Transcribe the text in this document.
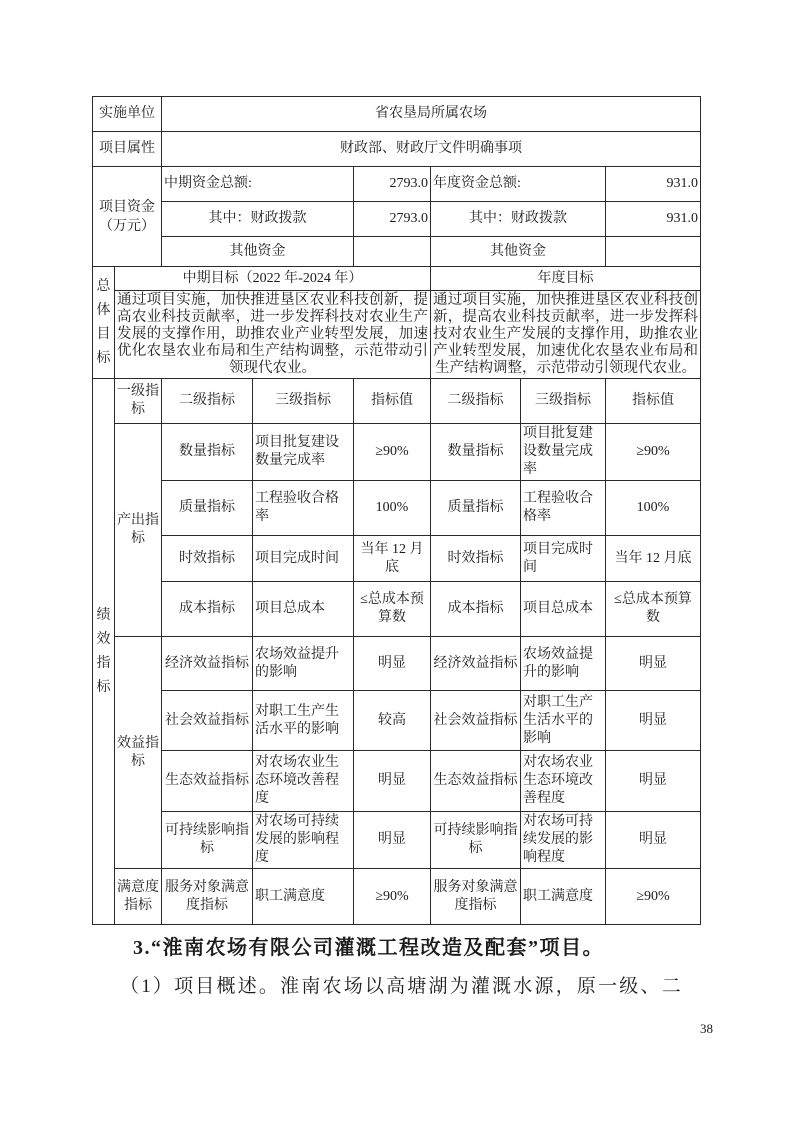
实施单位		省农垦局所属农场					
项目属性		财政部、财政厅文件明确事项					

项目资金
（万元）		中期资金总额:		2793.0	年度资金总额:		931.0
		其中：财政拨款		2793.0	其中：财政拨款		931.0
		其他资金			其他资金		

总体目标	中期目标（2022 年-2024 年）				年度目标		
	通过项目实施，加快推进垦区农业科技创新，提高农业科技贡献率，进一步发挥科技对农业生产发展的支撑作用，助推农业产业转型发展，加速优化农垦农业布局和生产结构调整，示范带动引领现代农业。				通过项目实施，加快推进垦区农业科技创新，提高农业科技贡献率，进一步发挥科技对农业生产发展的支撑作用，助推农业产业转型发展，加速优化农垦农业布局和生产结构调整，示范带动引领现代农业。		

绩效指标	一级指标	二级指标	三级指标	指标值	二级指标	三级指标	指标值
	产出指标	数量指标	项目批复建设数量完成率	≥90%	数量指标	项目批复建设数量完成率	≥90%
		质量指标	工程验收合格率	100%	质量指标	工程验收合格率	100%
		时效指标	项目完成时间	当年 12 月底	时效指标	项目完成时间	当年 12 月底
		成本指标	项目总成本	≤总成本预算数	成本指标	项目总成本	≤总成本预算数
	效益指标	经济效益指标	农场效益提升的影响	明显	经济效益指标	农场效益提升的影响	明显
		社会效益指标	对职工生产生活水平的影响	较高	社会效益指标	对职工生产生活水平的影响	明显
		生态效益指标	对农场农业生态环境改善程度	明显	生态效益指标	对农场农业生态环境改善程度	明显
		可持续影响指标	对农场可持续发展的影响程度	明显	可持续影响指标	对农场可持续发展的影响程度	明显
	满意度指标	服务对象满意度指标	职工满意度	≥90%	服务对象满意度指标	职工满意度	≥90%
3.“淮南农场有限公司灌溉工程改造及配套”项目。
（1）项目概述。淮南农场以高塘湖为灌溉水源，原一级、二
38
